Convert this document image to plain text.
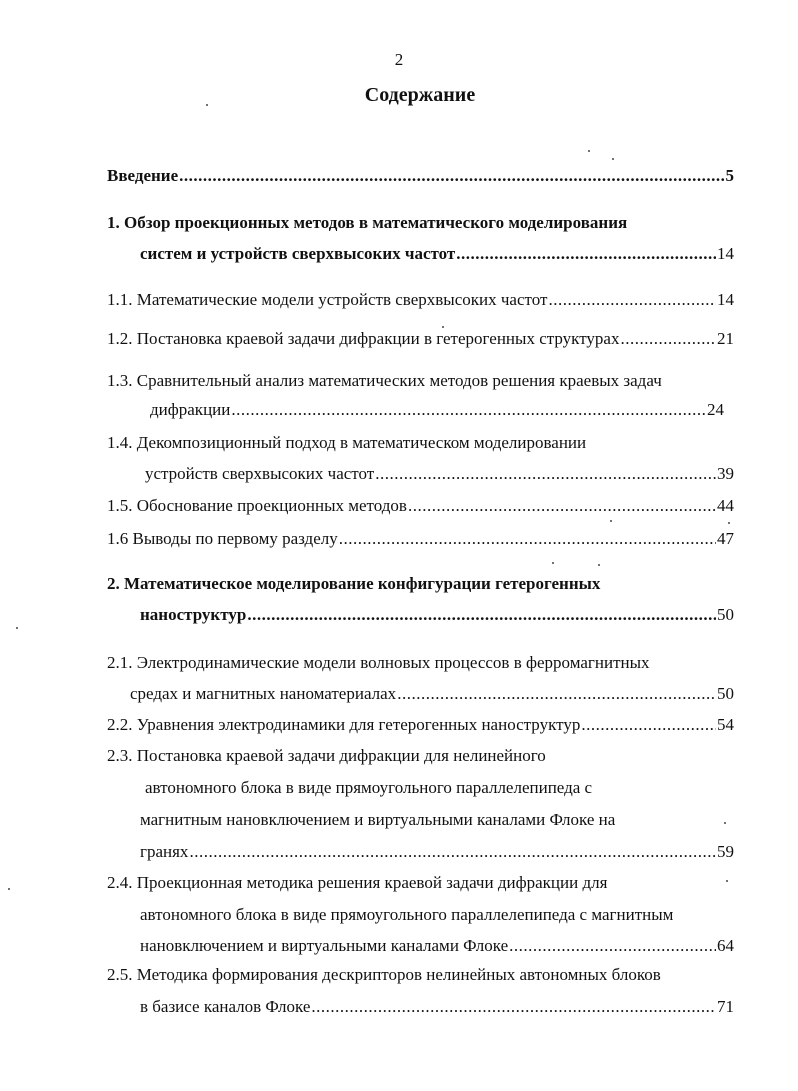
2
Содержание
Введение .....	5
1. Обзор проекционных методов в математического моделирования
систем и устройств сверхвысоких частот .....	14
1.1. Математические модели устройств сверхвысоких частот .....	14
1.2. Постановка краевой задачи дифракции в гетерогенных структурах .....	21
1.3. Сравнительный анализ математических методов решения краевых задач
дифракции .....	24
1.4. Декомпозиционный подход в математическом моделировании
устройств сверхвысоких частот .....	39
1.5. Обоснование проекционных методов .....	44
1.6 Выводы по первому разделу .....	47
2. Математическое моделирование конфигурации гетерогенных
наноструктур .....	50
2.1. Электродинамические модели волновых процессов в ферромагнитных
средах и магнитных наноматериалах .....	50
2.2. Уравнения электродинамики для гетерогенных наноструктур .....	54
2.3. Постановка краевой задачи дифракции для нелинейного
автономного блока в виде прямоугольного параллелепипеда с
магнитным нановключением и виртуальными каналами Флоке на
гранях .....	59
2.4. Проекционная методика решения краевой задачи дифракции для
автономного блока в виде прямоугольного параллелепипеда с магнитным
нановключением и виртуальными каналами Флоке .....	64
2.5. Методика формирования дескрипторов нелинейных автономных блоков
в базисе каналов Флоке .....	71
